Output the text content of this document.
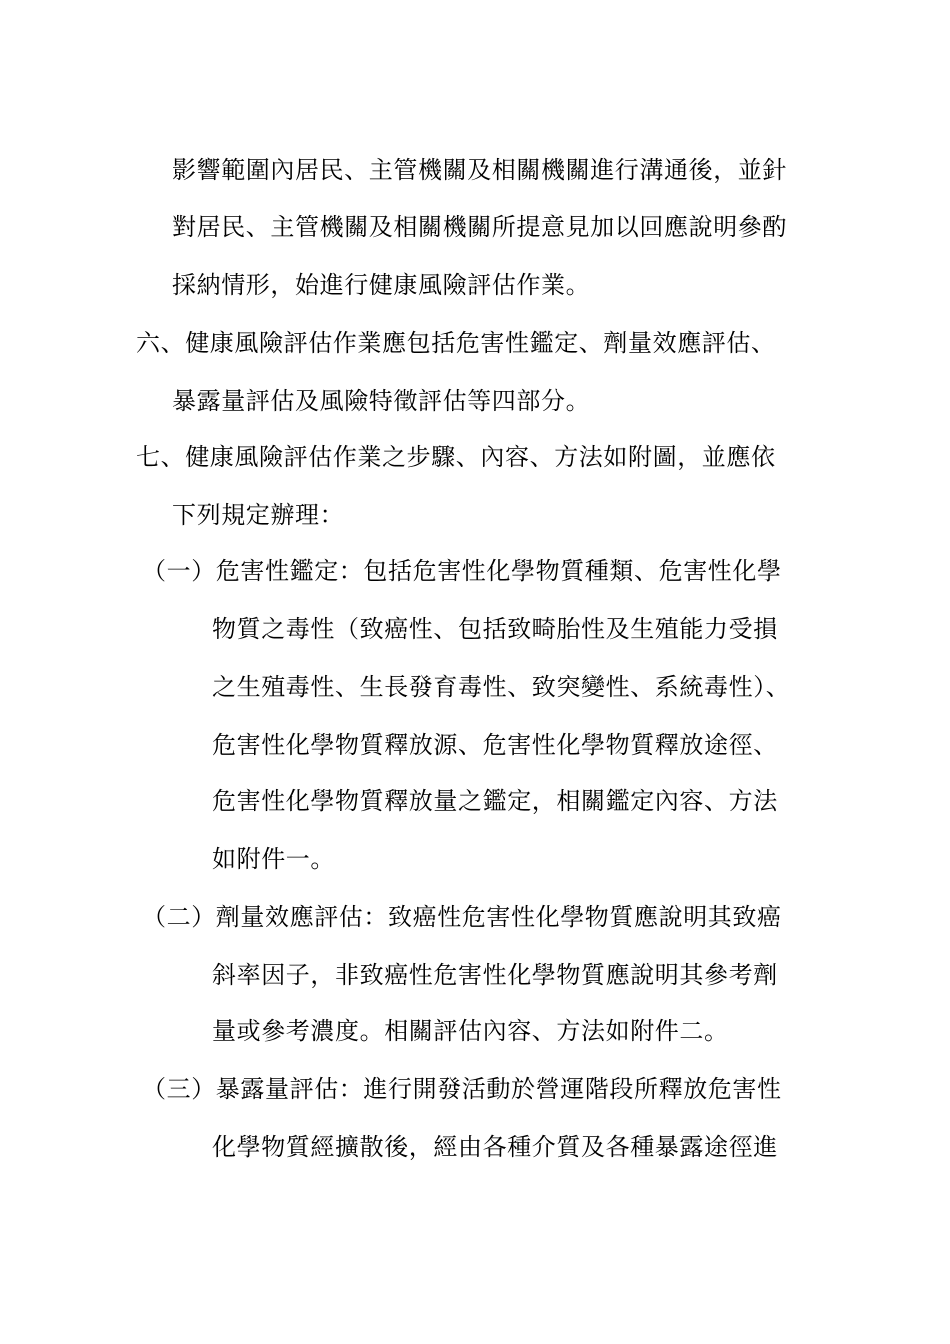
影響範圍內居民、主管機關及相關機關進行溝通後，並針
對居民、主管機關及相關機關所提意見加以回應說明參酌
採納情形，始進行健康風險評估作業。
六、健康風險評估作業應包括危害性鑑定、劑量效應評估、
暴露量評估及風險特徵評估等四部分。
七、健康風險評估作業之步驟、內容、方法如附圖，並應依
下列規定辦理：
（一）危害性鑑定：包括危害性化學物質種類、危害性化學
物質之毒性（致癌性、包括致畸胎性及生殖能力受損
之生殖毒性、生長發育毒性、致突變性、系統毒性）、
危害性化學物質釋放源、危害性化學物質釋放途徑、
危害性化學物質釋放量之鑑定，相關鑑定內容、方法
如附件一。
（二）劑量效應評估：致癌性危害性化學物質應說明其致癌
斜率因子，非致癌性危害性化學物質應說明其參考劑
量或參考濃度。相關評估內容、方法如附件二。
（三）暴露量評估：進行開發活動於營運階段所釋放危害性
化學物質經擴散後，經由各種介質及各種暴露途徑進
